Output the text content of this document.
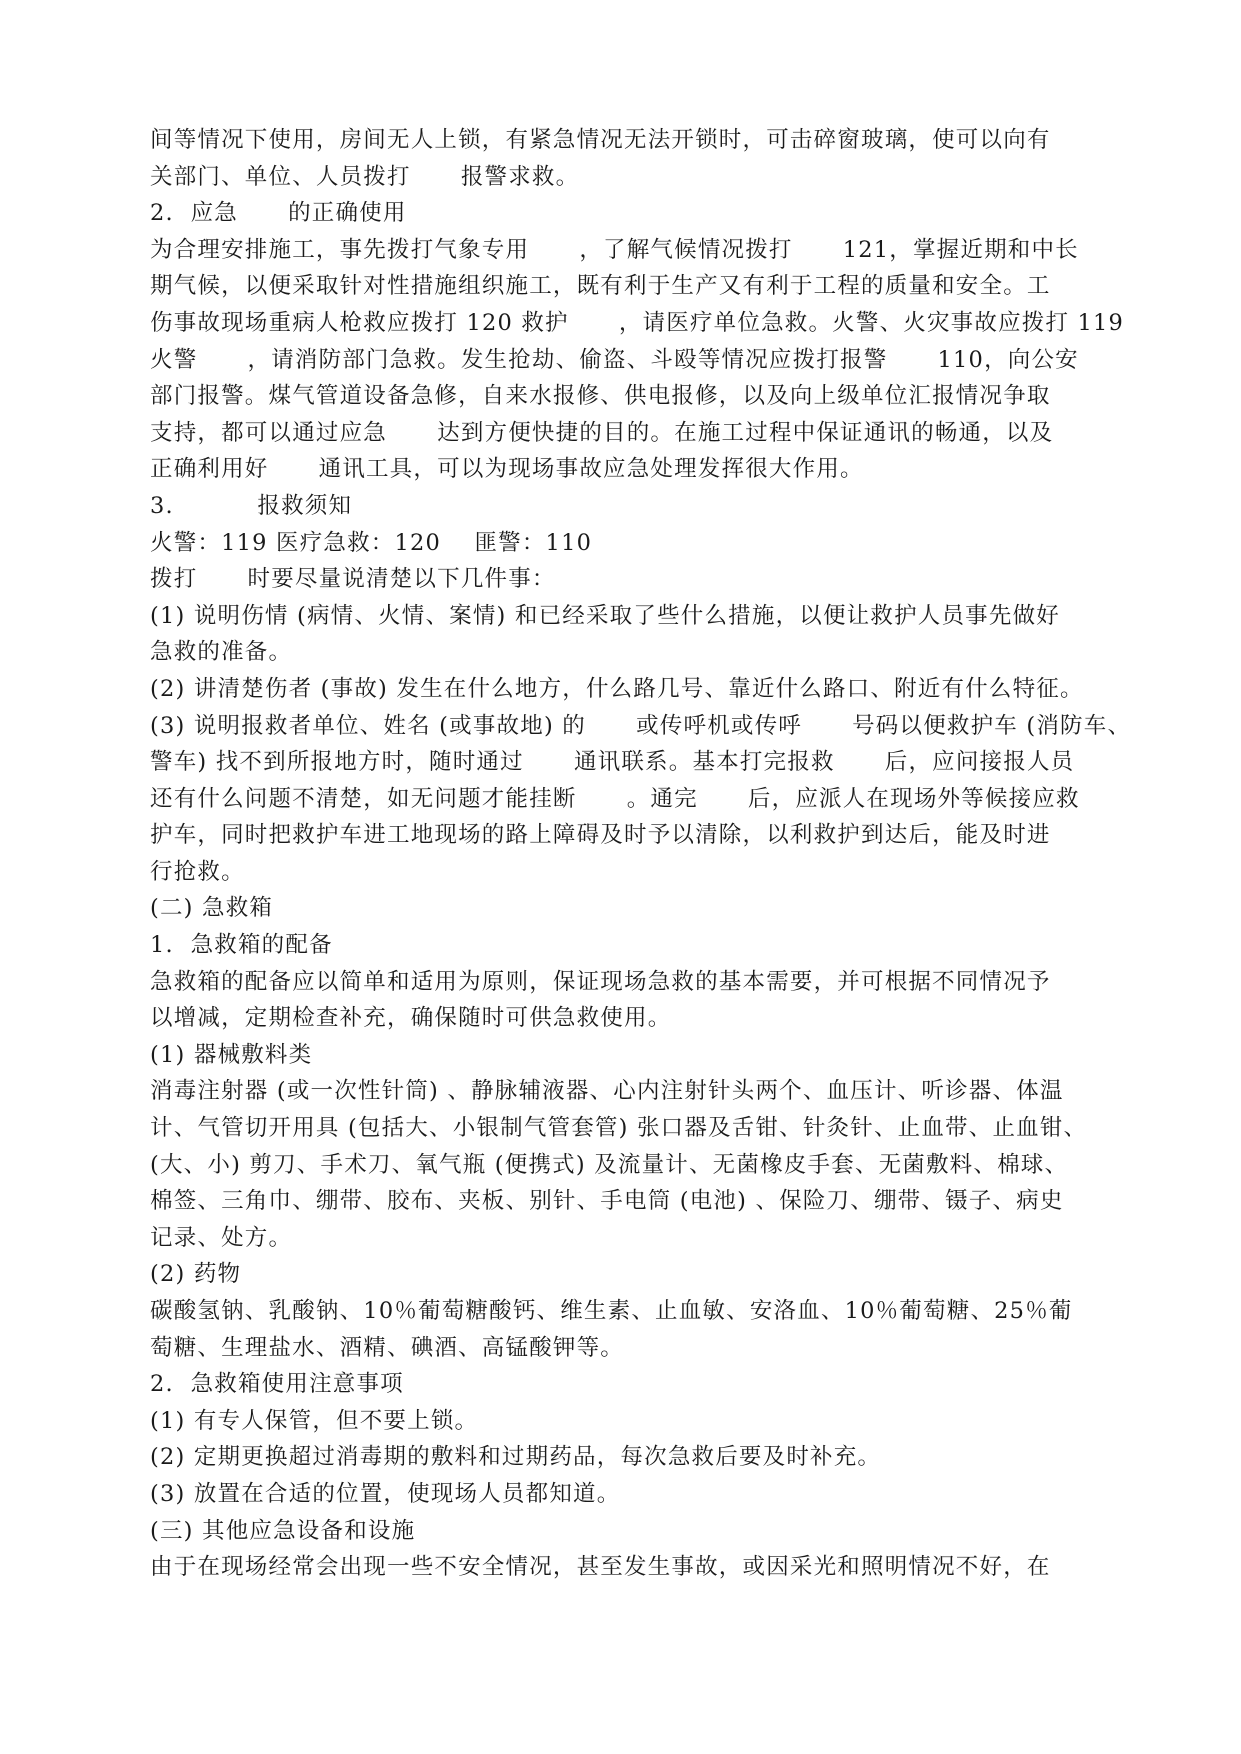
间等情况下使用，房间无人上锁，有紧急情况无法开锁时，可击碎窗玻璃，使可以向有
关部门、单位、人员拨打      报警求救。
2.  应急      的正确使用
为合理安排施工，事先拨打气象专用      ，了解气候情况拨打      121，掌握近期和中长
期气候，以便采取针对性措施组织施工，既有利于生产又有利于工程的质量和安全。工
伤事故现场重病人枪救应拨打 120 救护      ，请医疗单位急救。火警、火灾事故应拨打 119
火警      ，请消防部门急救。发生抢劫、偷盗、斗殴等情况应拨打报警      110，向公安
部门报警。煤气管道设备急修，自来水报修、供电报修，以及向上级单位汇报情况争取
支持，都可以通过应急      达到方便快捷的目的。在施工过程中保证通讯的畅通，以及
正确利用好      通讯工具，可以为现场事故应急处理发挥很大作用。
3.          报救须知
火警：119 医疗急救：120    匪警：110
拨打      时要尽量说清楚以下几件事：
(1) 说明伤情 (病情、火情、案情) 和已经采取了些什么措施，以便让救护人员事先做好
急救的准备。
(2) 讲清楚伤者 (事故) 发生在什么地方，什么路几号、靠近什么路口、附近有什么特征。
(3) 说明报救者单位、姓名 (或事故地) 的      或传呼机或传呼      号码以便救护车 (消防车、
警车) 找不到所报地方时，随时通过      通讯联系。基本打完报救      后，应问接报人员
还有什么问题不清楚，如无问题才能挂断      。通完      后，应派人在现场外等候接应救
护车，同时把救护车进工地现场的路上障碍及时予以清除，以利救护到达后，能及时进
行抢救。
(二) 急救箱
1.  急救箱的配备
急救箱的配备应以简单和适用为原则，保证现场急救的基本需要，并可根据不同情况予
以增减，定期检查补充，确保随时可供急救使用。
(1) 器械敷料类
消毒注射器 (或一次性针筒) 、静脉辅液器、心内注射针头两个、血压计、听诊器、体温
计、气管切开用具 (包括大、小银制气管套管) 张口器及舌钳、针灸针、止血带、止血钳、
(大、小) 剪刀、手术刀、氧气瓶 (便携式) 及流量计、无菌橡皮手套、无菌敷料、棉球、
棉签、三角巾、绷带、胶布、夹板、别针、手电筒 (电池) 、保险刀、绷带、镊子、病史
记录、处方。
(2) 药物
碳酸氢钠、乳酸钠、10％葡萄糖酸钙、维生素、止血敏、安洛血、10％葡萄糖、25％葡
萄糖、生理盐水、酒精、碘酒、高锰酸钾等。
2.  急救箱使用注意事项
(1) 有专人保管，但不要上锁。
(2) 定期更换超过消毒期的敷料和过期药品，每次急救后要及时补充。
(3) 放置在合适的位置，使现场人员都知道。
(三) 其他应急设备和设施
由于在现场经常会出现一些不安全情况，甚至发生事故，或因采光和照明情况不好，在
